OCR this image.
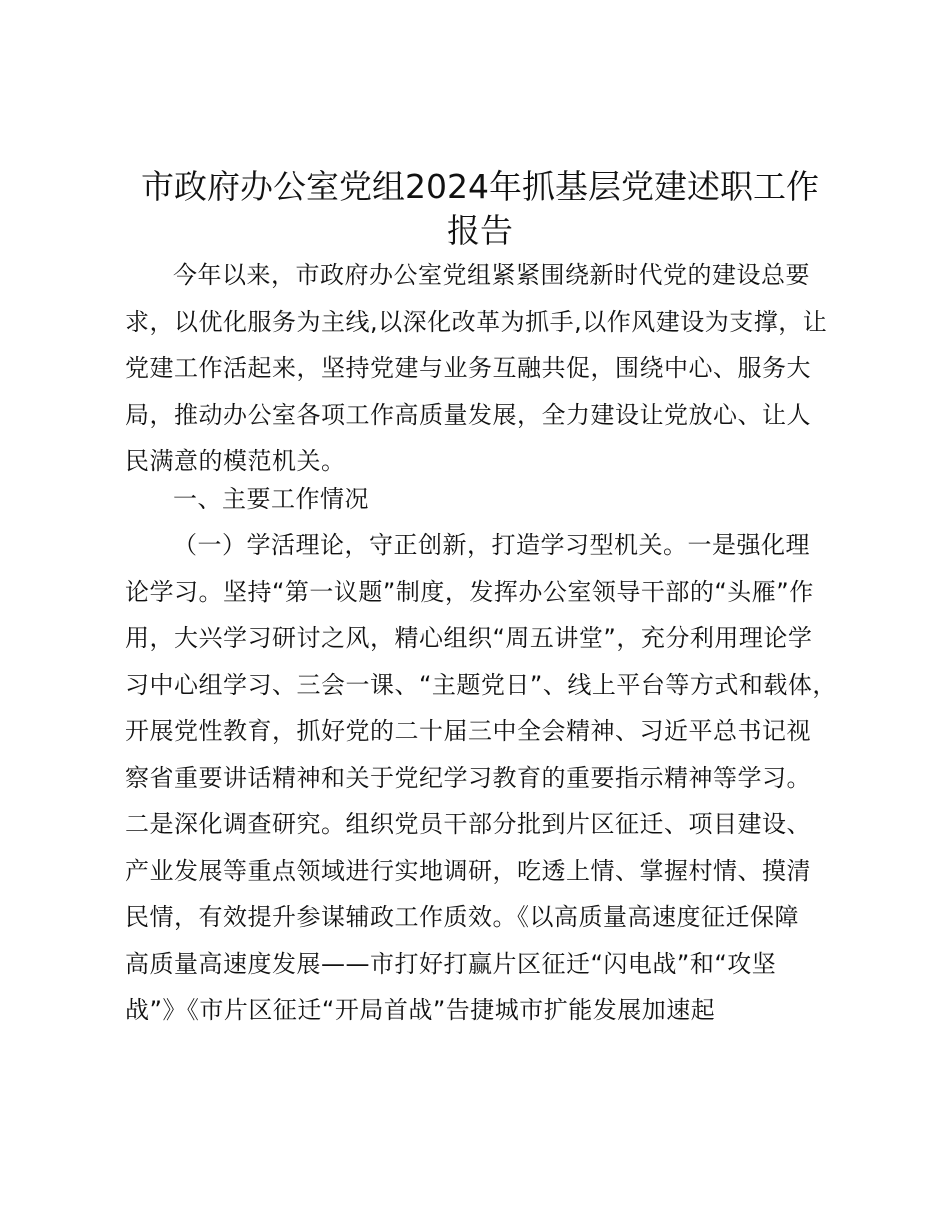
市政府办公室党组2024年抓基层党建述职工作
报告

今年以来，市政府办公室党组紧紧围绕新时代党的建设总要

求，以优化服务为主线,以深化改革为抓手,以作风建设为支撑，让

党建工作活起来，坚持党建与业务互融共促，围绕中心、服务大

局，推动办公室各项工作高质量发展，全力建设让党放心、让人

民满意的模范机关。

一、主要工作情况

（一）学活理论，守正创新，打造学习型机关。一是强化理

论学习。坚持“第一议题”制度，发挥办公室领导干部的“头雁”作

用，大兴学习研讨之风，精心组织“周五讲堂”，充分利用理论学

习中心组学习、三会一课、“主题党日”、线上平台等方式和载体，

开展党性教育，抓好党的二十届三中全会精神、习近平总书记视

察省重要讲话精神和关于党纪学习教育的重要指示精神等学习。

二是深化调查研究。组织党员干部分批到片区征迁、项目建设、

产业发展等重点领域进行实地调研，吃透上情、掌握村情、摸清

民情，有效提升参谋辅政工作质效。《以高质量高速度征迁保障

高质量高速度发展——市打好打赢片区征迁“闪电战”和“攻坚

战”》《市片区征迁“开局首战”告捷城市扩能发展加速起
